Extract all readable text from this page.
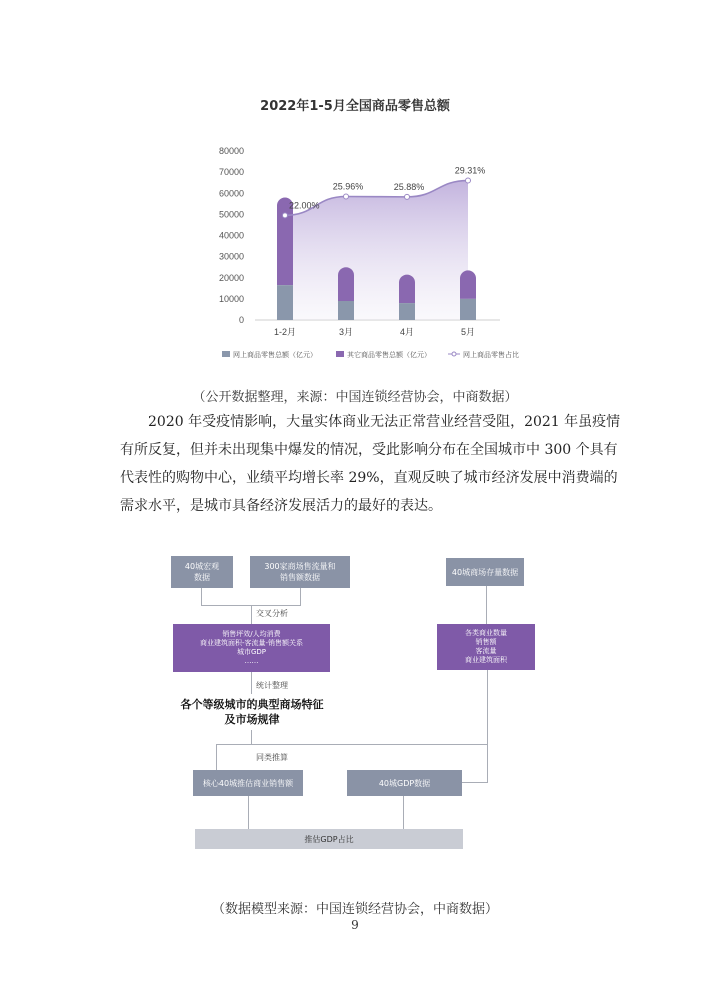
2022年1-5月全国商品零售总额
80000
70000
60000
50000
40000
30000
20000
10000
0
1-2月	3月	4月	5月
22.00%
25.96%	25.88%
29.31%
网上商品零售总额（亿元）	其它商品零售总额（亿元）	网上商品零售占比
（公开数据整理，来源：中国连锁经营协会，中商数据）
2020 年受疫情影响，大量实体商业无法正常营业经营受阻，2021 年虽疫情
有所反复，但并未出现集中爆发的情况，受此影响分布在全国城市中 300 个具有
代表性的购物中心，业绩平均增长率 29%，直观反映了城市经济发展中消费端的
需求水平，是城市具备经济发展活力的最好的表达。
40城宏观
数据
300家商场售流量和
销售额数据
40城商场存量数据
交叉分析
销售坪效/人均消费
商业建筑面积-客流量-销售额关系
城市GDP
……
各类商业数量
销售额
客流量
商业建筑面积
统计整理
各个等级城市的典型商场特征
及市场规律
同类推算
核心40城推估商业销售额	40城GDP数据
推估GDP占比
（数据模型来源：中国连锁经营协会，中商数据）
9
